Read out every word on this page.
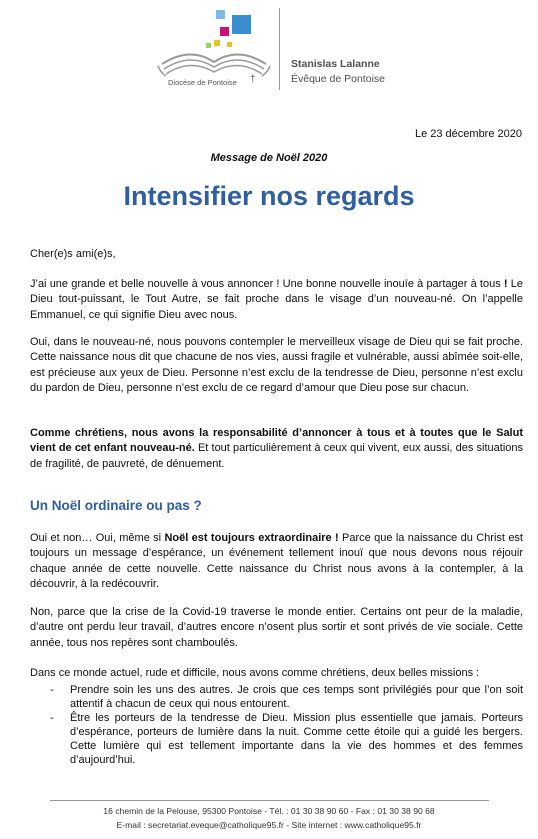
Diocèse de Pontoise †
Stanislas Lalanne
Évêque de Pontoise
Le 23 décembre 2020
Message de Noël 2020
Intensifier nos regards

Cher(e)s ami(e)s,

J’ai une grande et belle nouvelle à vous annoncer ! Une bonne nouvelle inouïe à partager à tous ! Le Dieu tout-puissant, le Tout Autre, se fait proche dans le visage d’un nouveau-né. On l’appelle Emmanuel, ce qui signifie Dieu avec nous.

Oui, dans le nouveau-né, nous pouvons contempler le merveilleux visage de Dieu qui se fait proche. Cette naissance nous dit que chacune de nos vies, aussi fragile et vulnérable, aussi abîmée soit-elle, est précieuse aux yeux de Dieu. Personne n’est exclu de la tendresse de Dieu, personne n’est exclu du pardon de Dieu, personne n’est exclu de ce regard d’amour que Dieu pose sur chacun.

Comme chrétiens, nous avons la responsabilité d’annoncer à tous et à toutes que le Salut vient de cet enfant nouveau-né. Et tout particulièrement à ceux qui vivent, eux aussi, des situations de fragilité, de pauvreté, de dénuement.

Un Noël ordinaire ou pas ?

Oui et non… Oui, même si Noël est toujours extraordinaire ! Parce que la naissance du Christ est toujours un message d’espérance, un événement tellement inouï que nous devons nous réjouir chaque année de cette nouvelle. Cette naissance du Christ nous avons à la contempler, à la découvrir, à la redécouvrir.

Non, parce que la crise de la Covid-19 traverse le monde entier. Certains ont peur de la maladie, d’autre ont perdu leur travail, d’autres encore n’osent plus sortir et sont privés de vie sociale. Cette année, tous nos repères sont chamboulés.

Dans ce monde actuel, rude et difficile, nous avons comme chrétiens, deux belles missions :

- Prendre soin les uns des autres. Je crois que ces temps sont privilégiés pour que l’on soit attentif à chacun de ceux qui nous entourent.
- Être les porteurs de la tendresse de Dieu. Mission plus essentielle que jamais. Porteurs d’espérance, porteurs de lumière dans la nuit. Comme cette étoile qui a guidé les bergers. Cette lumière qui est tellement importante dans la vie des hommes et des femmes d’aujourd’hui.
16 chemin de la Pelouse, 95300 Pontoise - Tél. : 01 30 38 90 60 - Fax : 01 30 38 90 68
E-mail : secretariat.eveque@catholique95.fr - Site internet : www.catholique95.fr
